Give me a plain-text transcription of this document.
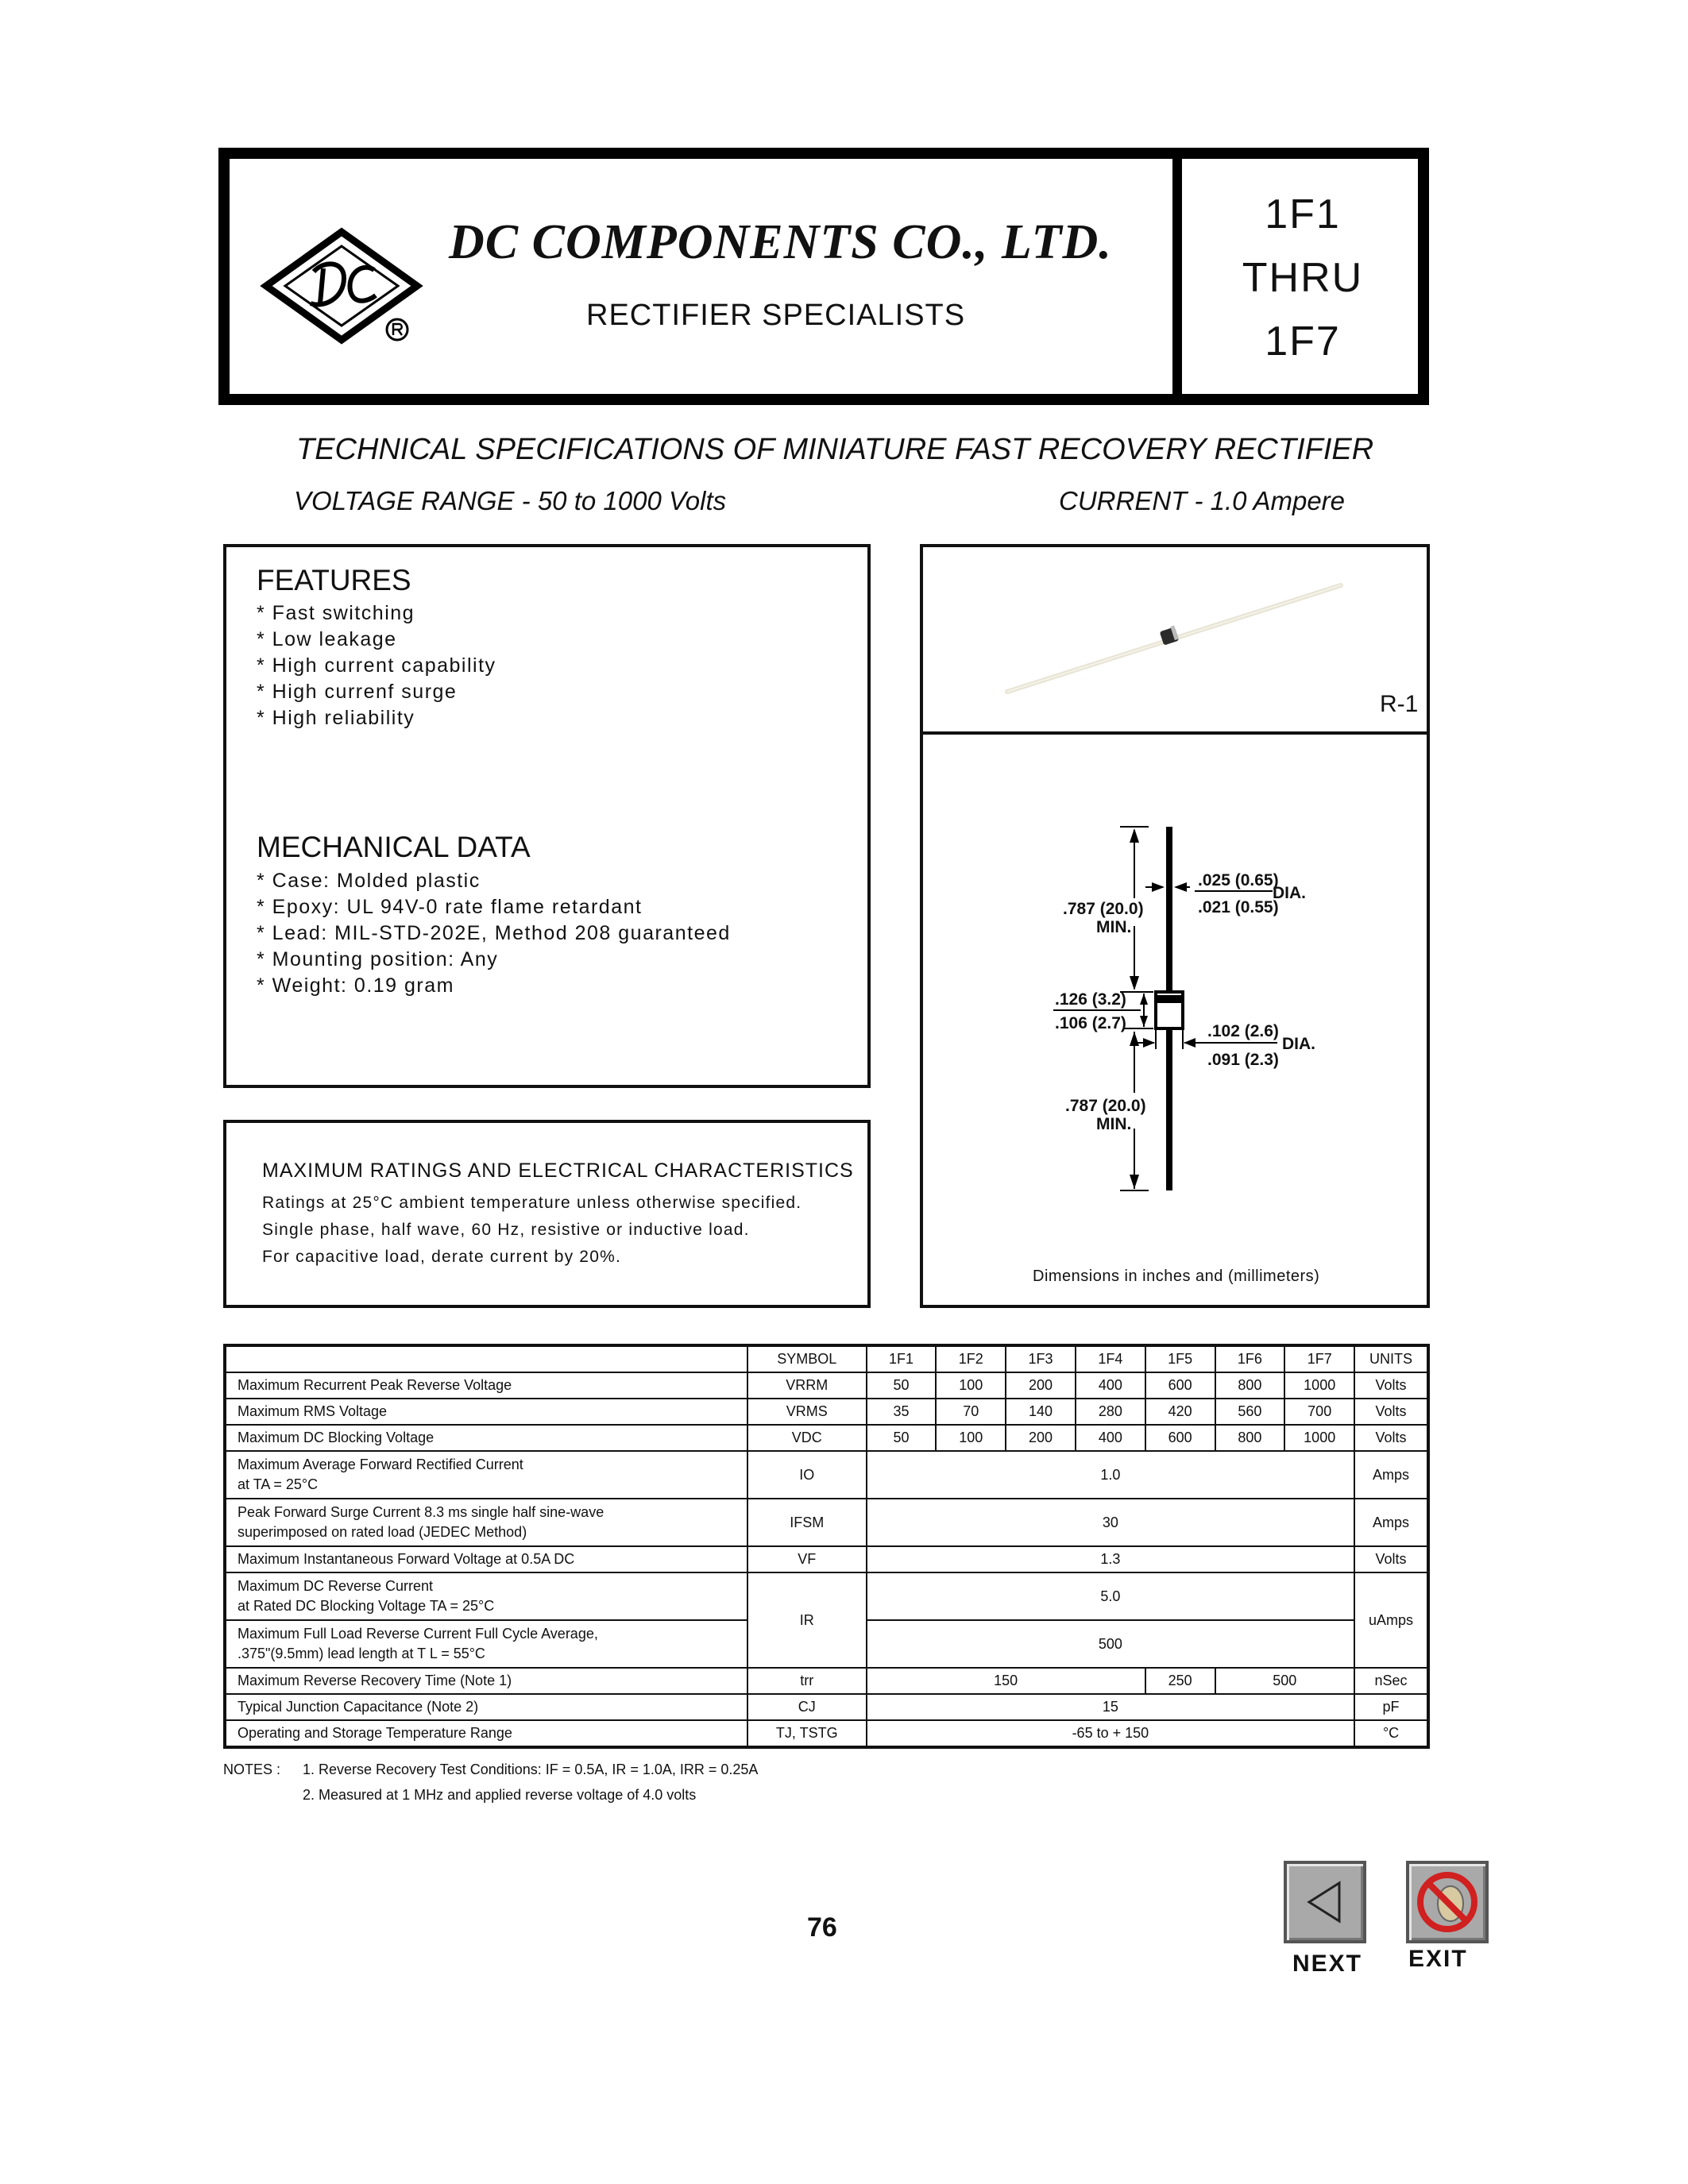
DC COMPONENTS CO., LTD.
RECTIFIER SPECIALISTS
1F1
THRU
1F7
TECHNICAL SPECIFICATIONS OF MINIATURE FAST RECOVERY RECTIFIER
VOLTAGE RANGE - 50 to 1000 Volts	CURRENT - 1.0 Ampere
FEATURES
* Fast switching
* Low leakage
* High current capability
* High currenf surge
* High reliability
MECHANICAL DATA
* Case: Molded plastic
* Epoxy: UL 94V-0 rate flame retardant
* Lead: MIL-STD-202E, Method 208 guaranteed
* Mounting position: Any
* Weight: 0.19 gram
MAXIMUM RATINGS AND ELECTRICAL CHARACTERISTICS
Ratings at 25°C ambient temperature unless otherwise specified.
Single phase, half wave, 60 Hz, resistive or inductive load.
For capacitive load, derate current by 20%.
R-1
.787 (20.0)
MIN.
.025 (0.65)
.021 (0.55)
DIA.
.126 (3.2)
.106 (2.7)	.102 (2.6)
.091 (2.3)
DIA.
.787 (20.0)
MIN.
Dimensions in inches and (millimeters)
	SYMBOL	1F1	1F2	1F3	1F4	1F5	1F6	1F7	UNITS
Maximum Recurrent Peak Reverse Voltage	VRRM	50	100	200	400	600	800	1000	Volts
Maximum RMS Voltage	VRMS	35	70	140	280	420	560	700	Volts
Maximum DC Blocking Voltage	VDC	50	100	200	400	600	800	1000	Volts

Maximum Average Forward Rectified Current
at TA = 25°C	IO	1.0							Amps

Peak Forward Surge Current 8.3 ms single half sine-wave
superimposed on rated load (JEDEC Method)	IFSM	30							Amps
Maximum Instantaneous Forward Voltage at 0.5A DC	VF	1.3							Volts

Maximum DC Reverse Current
at Rated DC Blocking Voltage TA = 25°C	IR	5.0							uAmps

Maximum Full Load Reverse Current Full Cycle Average,
.375"(9.5mm) lead length at T L = 55°C		500							
Maximum Reverse Recovery Time (Note 1)	trr	150				250	500		nSec
Typical Junction Capacitance (Note 2)	CJ	15							pF
Operating and Storage Temperature Range	TJ, TSTG	-65 to + 150							°C
NOTES : 1. Reverse Recovery Test Conditions: IF = 0.5A, IR = 1.0A, IRR = 0.25A
2. Measured at 1 MHz and applied reverse voltage of 4.0 volts
76
NEXT EXIT
